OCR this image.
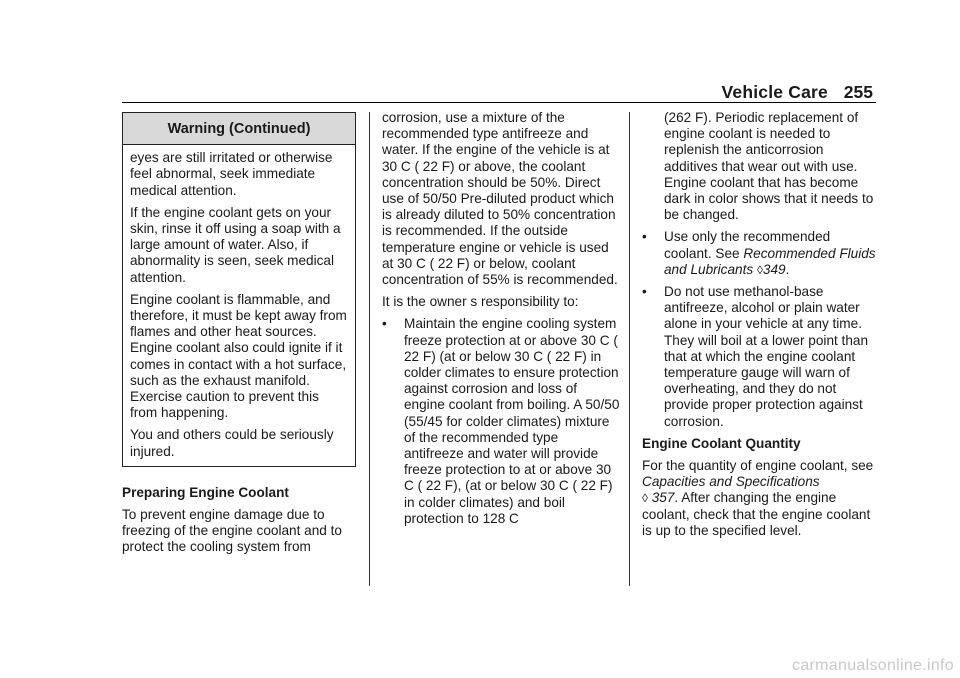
Vehicle Care 255
Warning (Continued)

eyes are still irritated or otherwise feel abnormal, seek immediate medical attention.

If the engine coolant gets on your skin, rinse it off using a soap with a large amount of water. Also, if abnormality is seen, seek medical attention.

Engine coolant is flammable, and therefore, it must be kept away from flames and other heat sources. Engine coolant also could ignite if it comes in contact with a hot surface, such as the exhaust manifold. Exercise caution to prevent this from happening.

You and others could be seriously injured.

Preparing Engine Coolant

To prevent engine damage due to freezing of the engine coolant and to protect the cooling system from

corrosion, use a mixture of the recommended type antifreeze and water. If the engine of the vehicle is at 30 C ( 22 F) or above, the coolant concentration should be 50%. Direct use of 50/50 Pre-diluted product which is already diluted to 50% concentration is recommended. If the outside temperature engine or vehicle is used at 30 C ( 22 F) or below, coolant concentration of 55% is recommended.

It is the owner s responsibility to:

• Maintain the engine cooling system freeze protection at or above 30 C ( 22 F) (at or below 30 C ( 22 F) in colder climates to ensure protection against corrosion and loss of engine coolant from boiling. A 50/50 (55/45 for colder climates) mixture of the recommended type antifreeze and water will provide freeze protection to at or above 30 C ( 22 F), (at or below 30 C ( 22 F) in colder climates) and boil protection to 128 C

(262 F). Periodic replacement of engine coolant is needed to replenish the anticorrosion additives that wear out with use. Engine coolant that has become dark in color shows that it needs to be changed.

• Use only the recommended coolant. See Recommended Fluids and Lubricants ◊349.
• Do not use methanol-base antifreeze, alcohol or plain water alone in your vehicle at any time. They will boil at a lower point than that at which the engine coolant temperature gauge will warn of overheating, and they do not provide proper protection against corrosion.
Engine Coolant Quantity

For the quantity of engine coolant, see Capacities and Specifications
◊ 357. After changing the engine coolant, check that the engine coolant is up to the specified level.

carmanualsonline.info
